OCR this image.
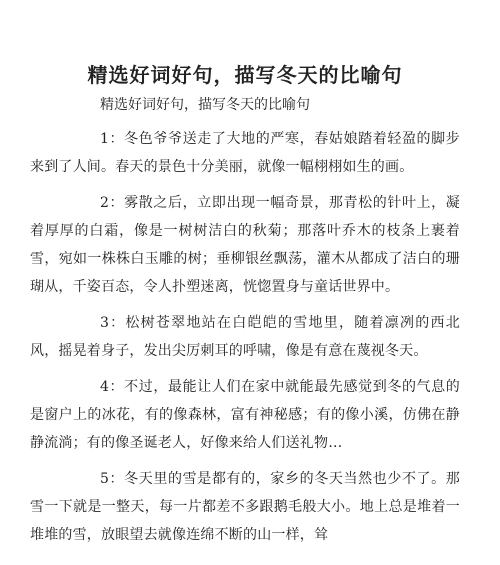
精选好词好句，描写冬天的比喻句
精选好词好句，描写冬天的比喻句

1：冬色爷爷送走了大地的严寒，春姑娘踏着轻盈的脚步来到了人间。春天的景色十分美丽，就像一幅栩栩如生的画。

2：雾散之后，立即出现一幅奇景，那青松的针叶上，凝着厚厚的白霜，像是一树树洁白的秋菊；那落叶乔木的枝条上裹着雪，宛如一株株白玉雕的树；垂柳银丝飘荡，灌木从都成了洁白的珊瑚从，千姿百态，令人扑塑迷离，恍惚置身与童话世界中。

3：松树苍翠地站在白皑皑的雪地里，随着凛冽的西北风，摇晃着身子，发出尖厉刺耳的呼啸，像是有意在蔑视冬天。

4：不过，最能让人们在家中就能最先感觉到冬的气息的是窗户上的冰花，有的像森林，富有神秘感；有的像小溪，仿佛在静静流淌；有的像圣诞老人，好像来给人们送礼物…

5：冬天里的雪是都有的，家乡的冬天当然也少不了。那雪一下就是一整天，每一片都差不多跟鹅毛般大小。地上总是堆着一堆堆的雪，放眼望去就像连绵不断的山一样，耸
